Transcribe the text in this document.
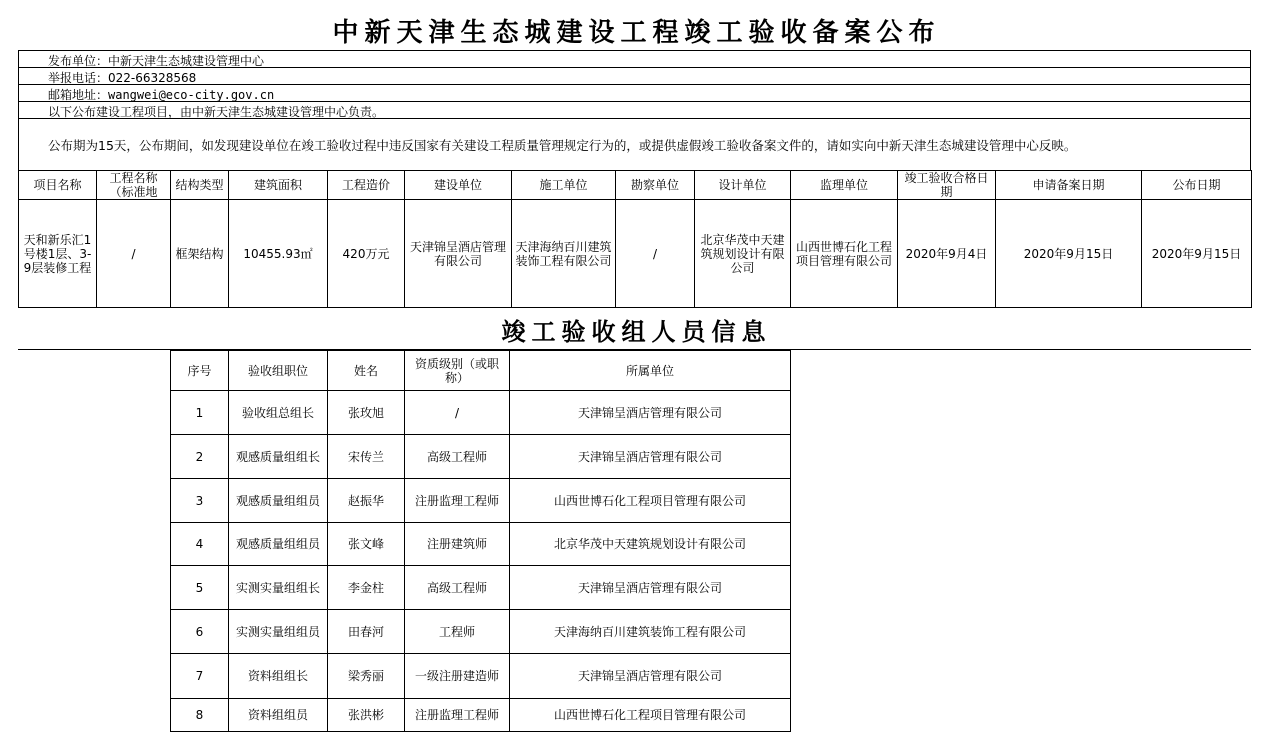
中新天津生态城建设工程竣工验收备案公布
发布单位：中新天津生态城建设管理中心
举报电话：022-66328568
邮箱地址：wangwei@eco-city.gov.cn
以下公布建设工程项目，由中新天津生态城建设管理中心负责。
公布期为15天，公布期间，如发现建设单位在竣工验收过程中违反国家有关建设工程质量管理规定行为的，或提供虚假竣工验收备案文件的，请如实向中新天津生态城建设管理中心反映。
项目名称	工程名称（标准地	结构类型	建筑面积	工程造价	建设单位	施工单位	勘察单位	设计单位	监理单位	竣工验收合格日期	申请备案日期	公布日期
天和新乐汇1号楼1层、3-9层装修工程	/	框架结构	10455.93㎡	420万元	天津锦呈酒店管理有限公司	天津海纳百川建筑装饰工程有限公司	/	北京华茂中天建筑规划设计有限公司	山西世博石化工程项目管理有限公司	2020年9月4日	2020年9月15日	2020年9月15日
竣工验收组人员信息
序号	验收组职位	姓名	资质级别（或职称）	所属单位
1	验收组总组长	张玫旭	/	天津锦呈酒店管理有限公司
2	观感质量组组长	宋传兰	高级工程师	天津锦呈酒店管理有限公司
3	观感质量组组员	赵振华	注册监理工程师	山西世博石化工程项目管理有限公司
4	观感质量组组员	张文峰	注册建筑师	北京华茂中天建筑规划设计有限公司
5	实测实量组组长	李金柱	高级工程师	天津锦呈酒店管理有限公司
6	实测实量组组员	田春河	工程师	天津海纳百川建筑装饰工程有限公司
7	资料组组长	梁秀丽	一级注册建造师	天津锦呈酒店管理有限公司
8	资料组组员	张洪彬	注册监理工程师	山西世博石化工程项目管理有限公司
